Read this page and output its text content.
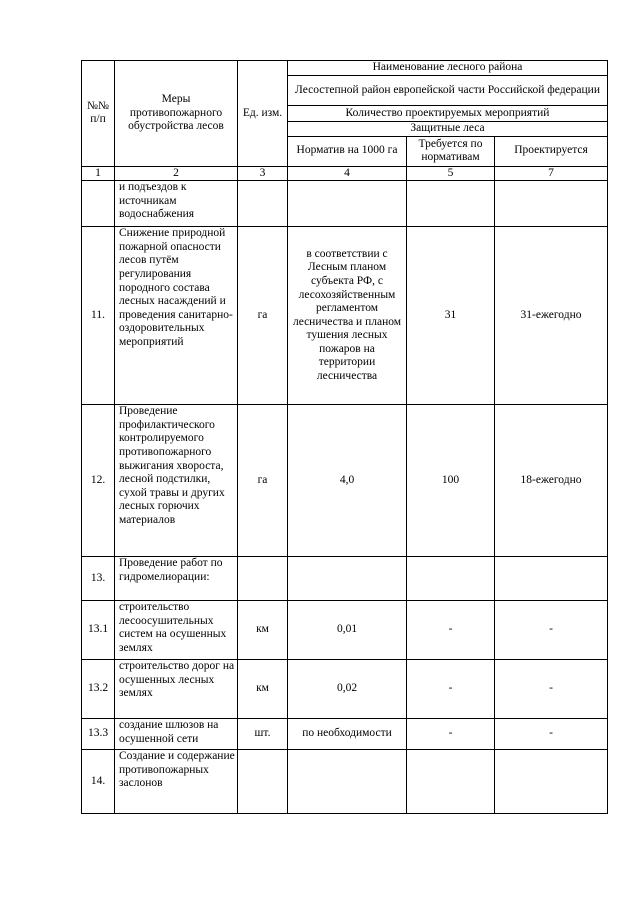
№№ п/п	Меры противопожарного обустройства лесов	Ед. изм.	Наименование лесного района		
			Лесостепной район европейской части Российской федерации		
			Количество проектируемых мероприятий		
			Защитные леса		
			Норматив на 1000 га	Требуется по нормативам	Проектируется

1	2	3	4	5	7
	и подъездов к источникам водоснабжения				
11.	Снижение природной пожарной опасности лесов путём регулирования породного состава лесных насаждений и проведения санитарно-оздоровительных мероприятий	га	в соответствии с Лесным планом субъекта РФ, с лесохозяйственным регламентом лесничества и планом тушения лесных пожаров на территории лесничества	31	31-ежегодно
12.	Проведение профилактического контролируемого противопожарного выжигания хвороста, лесной подстилки, сухой травы и других лесных горючих материалов	га	4,0	100	18-ежегодно
13.	Проведение работ по гидромелиорации:				
13.1	строительство лесоосушительных систем на осушенных землях	км	0,01	-	-
13.2	строительство дорог на осушенных лесных землях	км	0,02	-	-
13.3	создание шлюзов на осушенной сети	шт.	по необходимости	-	-
14.	Создание и содержание противопожарных заслонов				
